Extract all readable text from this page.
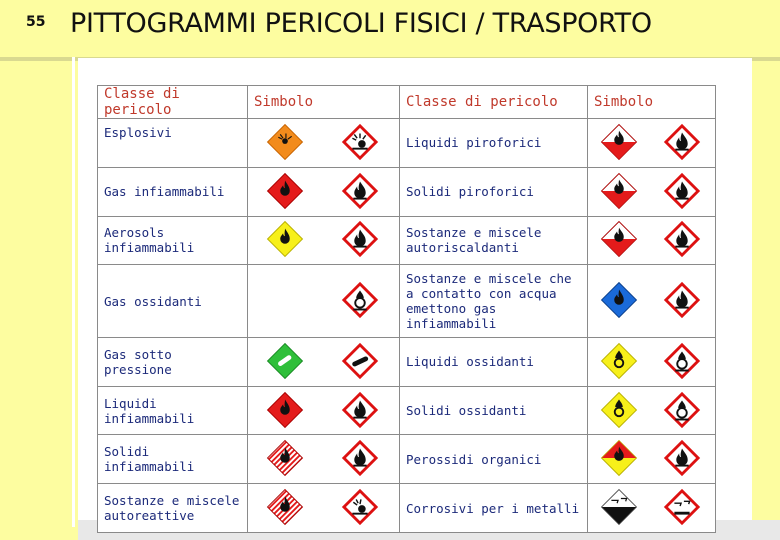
55 PITTOGRAMMI PERICOLI FISICI / TRASPORTO
Classe di pericolo	Simbolo	Classe di pericolo	Simbolo
Esplosivi		Liquidi piroforici	

Gas infiammabili		Solidi piroforici	

Aerosols infiammabili		Sostanze e miscele autoriscaldanti	

Gas ossidanti		Sostanze e miscele che a contatto con acqua emettono gas infiammabili	

Gas sotto pressione		Liquidi ossidanti	

Liquidi infiammabili		Solidi ossidanti	

Solidi infiammabili		Perossidi organici	

Sostanze e miscele autoreattive		Corrosivi per i metalli	
